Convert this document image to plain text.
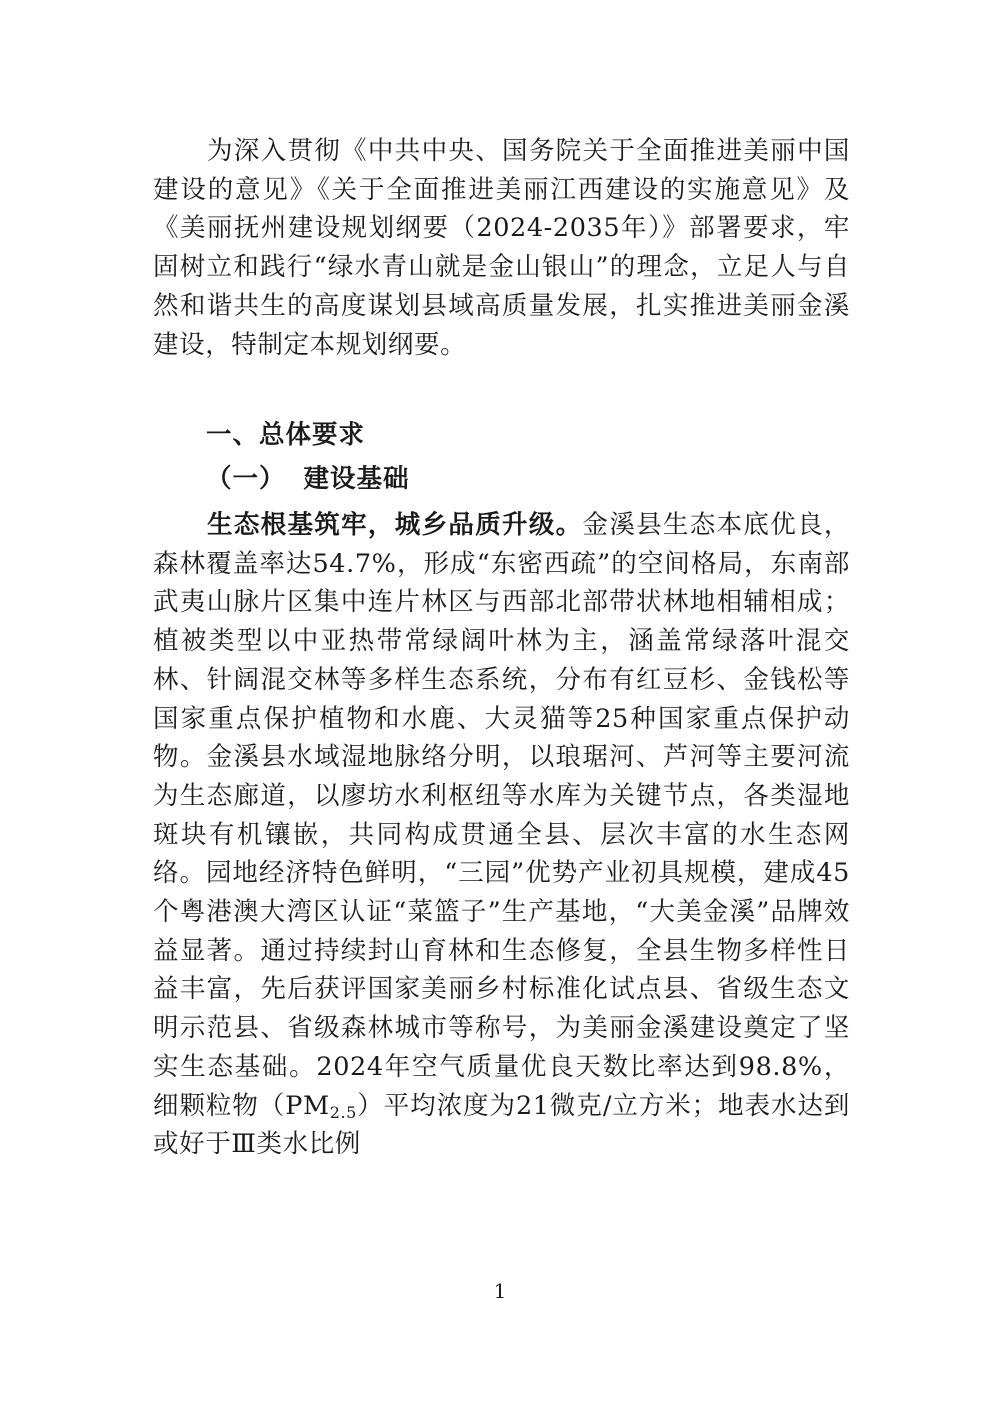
为深入贯彻《中共中央、国务院关于全面推进美丽中国建设的意见》《关于全面推进美丽江西建设的实施意见》及《美丽抚州建设规划纲要（2024-2035年）》部署要求，牢固树立和践行“绿水青山就是金山银山”的理念，立足人与自然和谐共生的高度谋划县域高质量发展，扎实推进美丽金溪建设，特制定本规划纲要。

一、总体要求
（一） 建设基础

生态根基筑牢，城乡品质升级。金溪县生态本底优良，森林覆盖率达54.7%，形成“东密西疏”的空间格局，东南部武夷山脉片区集中连片林区与西部北部带状林地相辅相成；植被类型以中亚热带常绿阔叶林为主，涵盖常绿落叶混交林、针阔混交林等多样生态系统，分布有红豆杉、金钱松等国家重点保护植物和水鹿、大灵猫等25种国家重点保护动物。金溪县水域湿地脉络分明，以琅琚河、芦河等主要河流为生态廊道，以廖坊水利枢纽等水库为关键节点，各类湿地斑块有机镶嵌，共同构成贯通全县、层次丰富的水生态网络。园地经济特色鲜明，“三园”优势产业初具规模，建成45个粤港澳大湾区认证“菜篮子”生产基地，“大美金溪”品牌效益显著。通过持续封山育林和生态修复，全县生物多样性日益丰富，先后获评国家美丽乡村标准化试点县、省级生态文明示范县、省级森林城市等称号，为美丽金溪建设奠定了坚实生态基础。2024年空气质量优良天数比率达到98.8%，细颗粒物$(PM_{2.5})$平均浓度为21微克/立方米；地表水达到或好于Ⅲ类水比例

1
